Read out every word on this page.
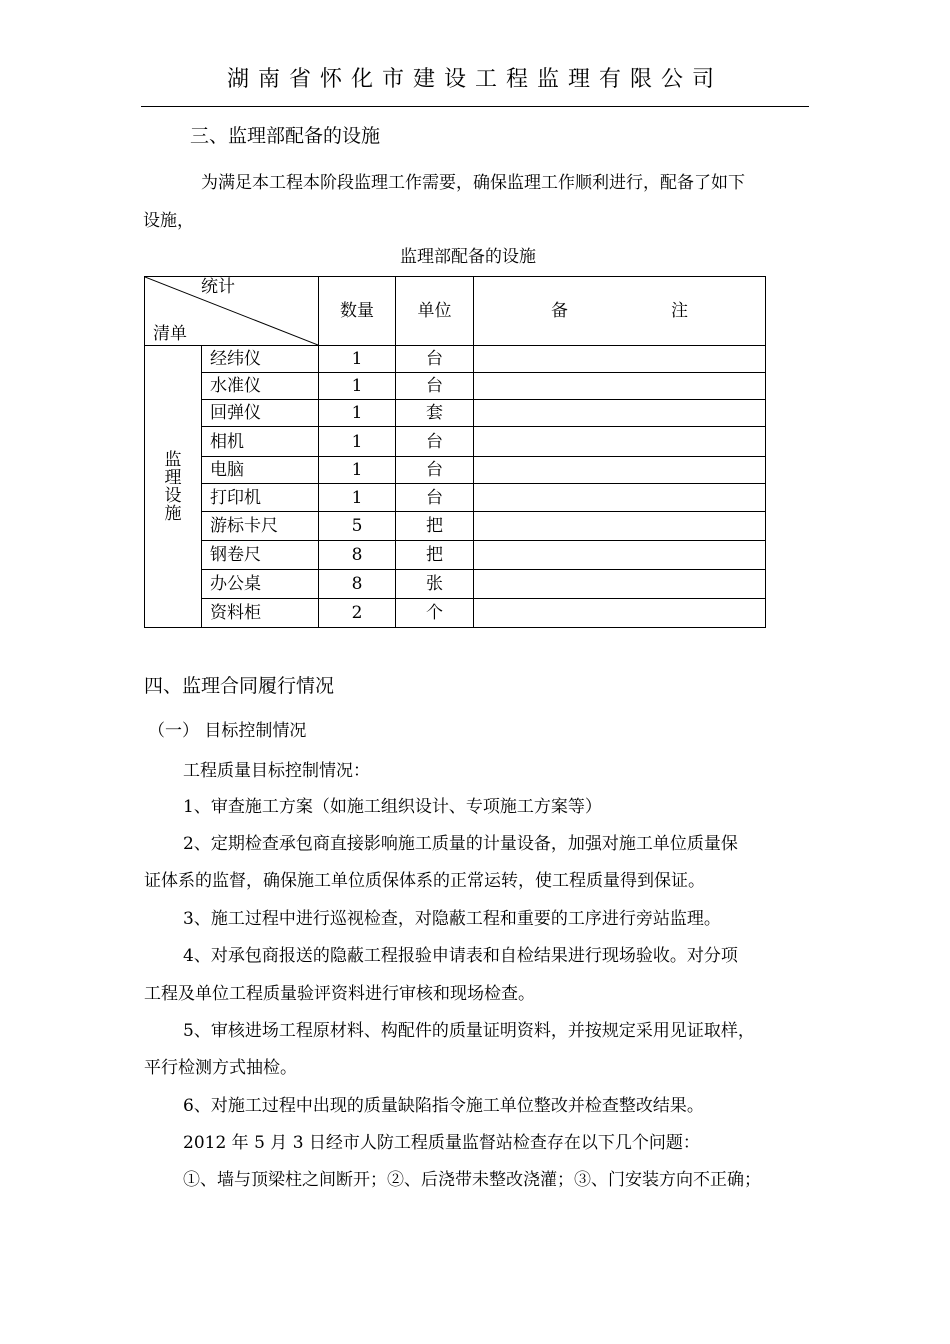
湖南省怀化市建设工程监理有限公司
三、监理部配备的设施
为满足本工程本阶段监理工作需要，确保监理工作顺利进行，配备了如下
设施，
监理部配备的设施
统计
清单		数量	单位	备 注
监
理
设
施	经纬仪	1	台	
	水准仪	1	台	
	回弹仪	1	套	
	相机	1	台	
	电脑	1	台	
	打印机	1	台	
	游标卡尺	5	把	
	钢卷尺	8	把	
	办公桌	8	张	
	资料柜	2	个	
四、监理合同履行情况
（一） 目标控制情况
工程质量目标控制情况：
1、审查施工方案（如施工组织设计、专项施工方案等）
2、定期检查承包商直接影响施工质量的计量设备，加强对施工单位质量保
证体系的监督，确保施工单位质保体系的正常运转，使工程质量得到保证。
3、施工过程中进行巡视检查，对隐蔽工程和重要的工序进行旁站监理。
4、对承包商报送的隐蔽工程报验申请表和自检结果进行现场验收。对分项
工程及单位工程质量验评资料进行审核和现场检查。
5、审核进场工程原材料、构配件的质量证明资料，并按规定采用见证取样，
平行检测方式抽检。
6、对施工过程中出现的质量缺陷指令施工单位整改并检查整改结果。
2012 年 5 月 3 日经市人防工程质量监督站检查存在以下几个问题：
①、墙与顶梁柱之间断开；②、后浇带未整改浇灌；③、门安装方向不正确；
